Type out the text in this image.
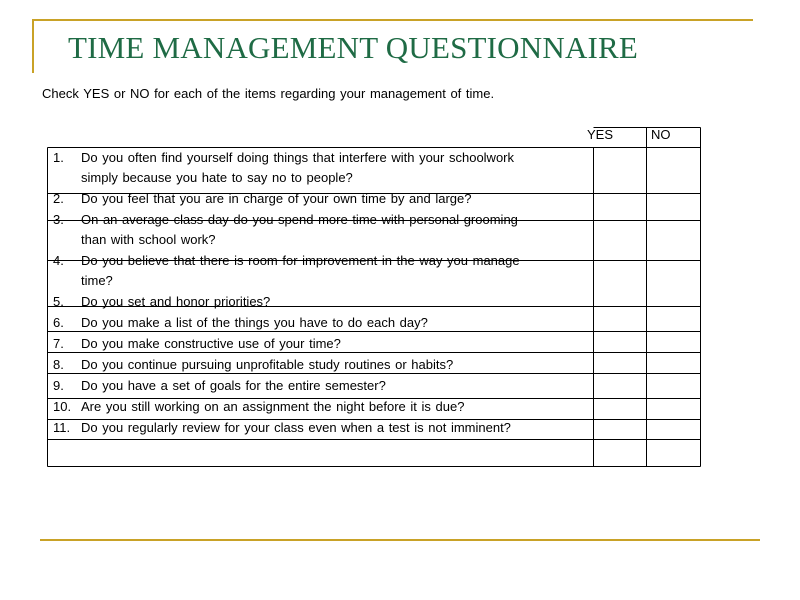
TIME MANAGEMENT QUESTIONNAIRE
Check YES or NO for each of the items regarding your management of time.
YES	NO
1. Do you often find yourself doing things that interfere with your schoolwork
simply because you hate to say no to people?
2. Do you feel that you are in charge of your own time by and large?
3. On an average class day do you spend more time with personal grooming
than with school work?
4. Do you believe that there is room for improvement in the way you manage
time?
5. Do you set and honor priorities?
6. Do you make a list of the things you have to do each day?
7. Do you make constructive use of your time?
8. Do you continue pursuing unprofitable study routines or habits?
9. Do you have a set of goals for the entire semester?
10. Are you still working on an assignment the night before it is due?
11. Do you regularly review for your class even when a test is not imminent?
